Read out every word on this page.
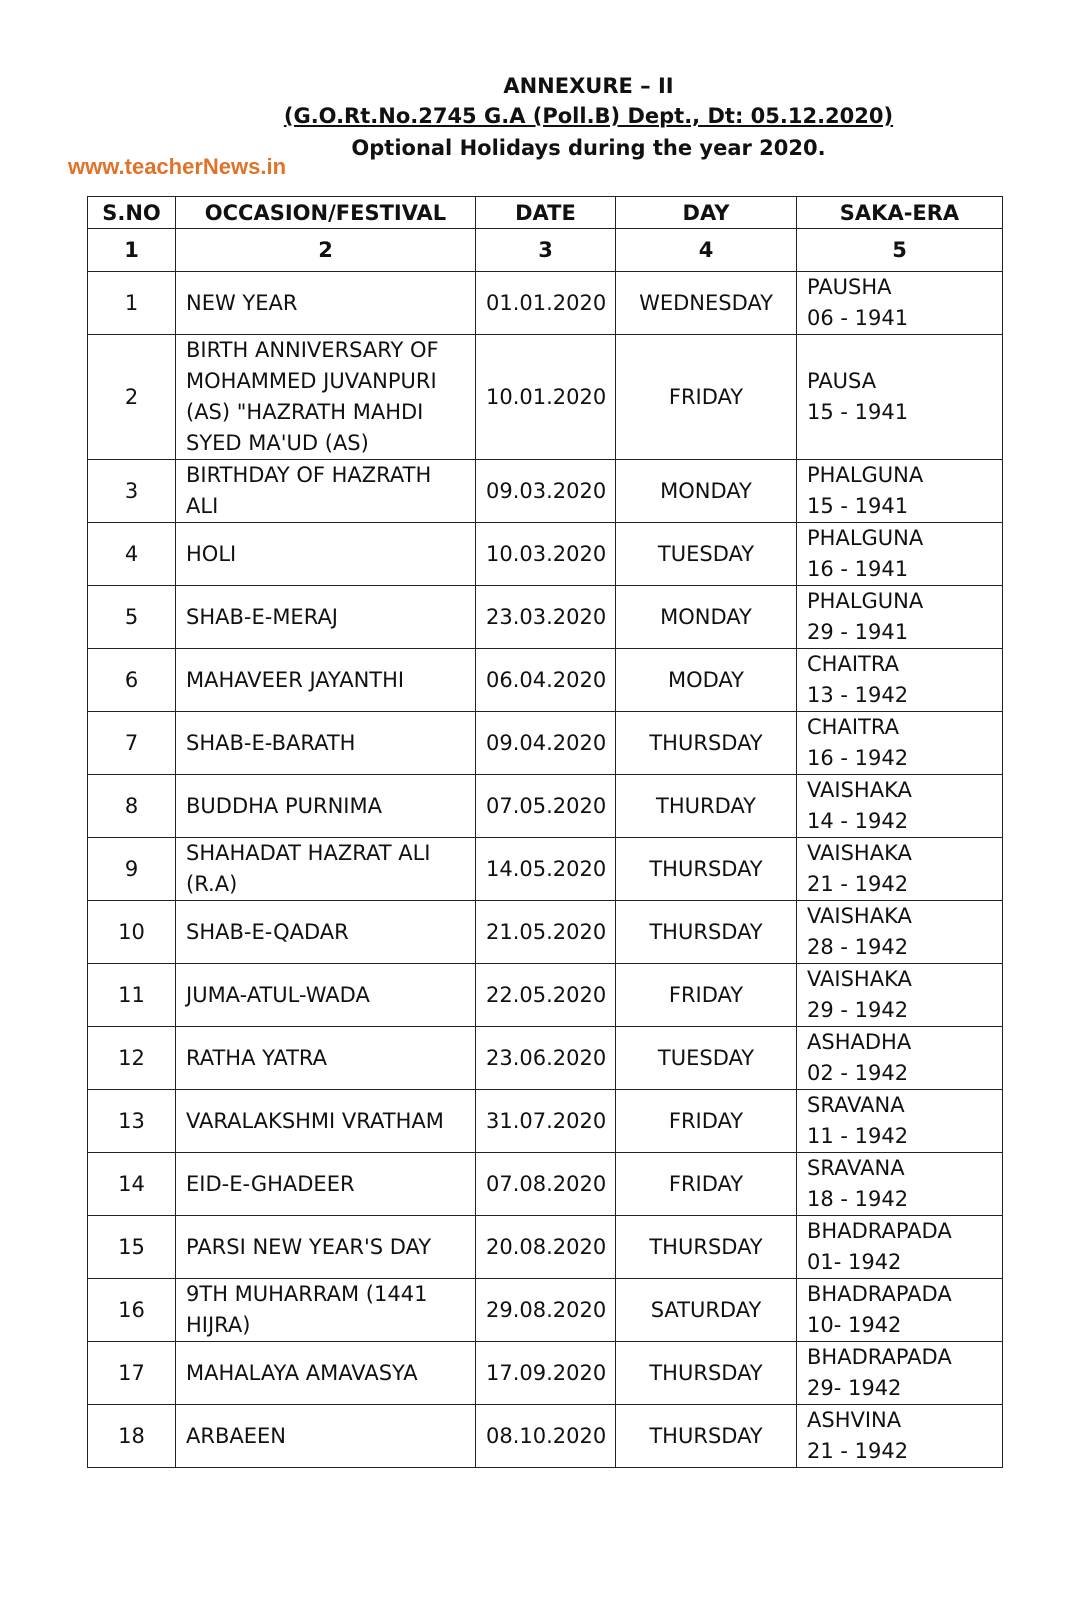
ANNEXURE – II
(G.O.Rt.No.2745 G.A (Poll.B) Dept., Dt: 05.12.2020)
Optional Holidays during the year 2020.
www.teacherNews.in
S.NO	OCCASION/FESTIVAL	DATE	DAY	SAKA-ERA
1	2	3	4	5
1	NEW YEAR	01.01.2020	WEDNESDAY	PAUSHA
06 - 1941
2	BIRTH ANNIVERSARY OF MOHAMMED JUVANPURI (AS) "HAZRATH MAHDI SYED MA'UD (AS)	10.01.2020	FRIDAY	PAUSA
15 - 1941
3	BIRTHDAY OF HAZRATH ALI	09.03.2020	MONDAY	PHALGUNA
15 - 1941
4	HOLI	10.03.2020	TUESDAY	PHALGUNA
16 - 1941
5	SHAB-E-MERAJ	23.03.2020	MONDAY	PHALGUNA
29 - 1941
6	MAHAVEER JAYANTHI	06.04.2020	MODAY	CHAITRA
13 - 1942
7	SHAB-E-BARATH	09.04.2020	THURSDAY	CHAITRA
16 - 1942
8	BUDDHA PURNIMA	07.05.2020	THURDAY	VAISHAKA
14 - 1942
9	SHAHADAT HAZRAT ALI (R.A)	14.05.2020	THURSDAY	VAISHAKA
21 - 1942
10	SHAB-E-QADAR	21.05.2020	THURSDAY	VAISHAKA
28 - 1942
11	JUMA-ATUL-WADA	22.05.2020	FRIDAY	VAISHAKA
29 - 1942
12	RATHA YATRA	23.06.2020	TUESDAY	ASHADHA
02 - 1942
13	VARALAKSHMI VRATHAM	31.07.2020	FRIDAY	SRAVANA
11 - 1942
14	EID-E-GHADEER	07.08.2020	FRIDAY	SRAVANA
18 - 1942
15	PARSI NEW YEAR'S DAY	20.08.2020	THURSDAY	BHADRAPADA
01- 1942
16	9TH MUHARRAM (1441 HIJRA)	29.08.2020	SATURDAY	BHADRAPADA
10- 1942
17	MAHALAYA AMAVASYA	17.09.2020	THURSDAY	BHADRAPADA
29- 1942
18	ARBAEEN	08.10.2020	THURSDAY	ASHVINA
21 - 1942
